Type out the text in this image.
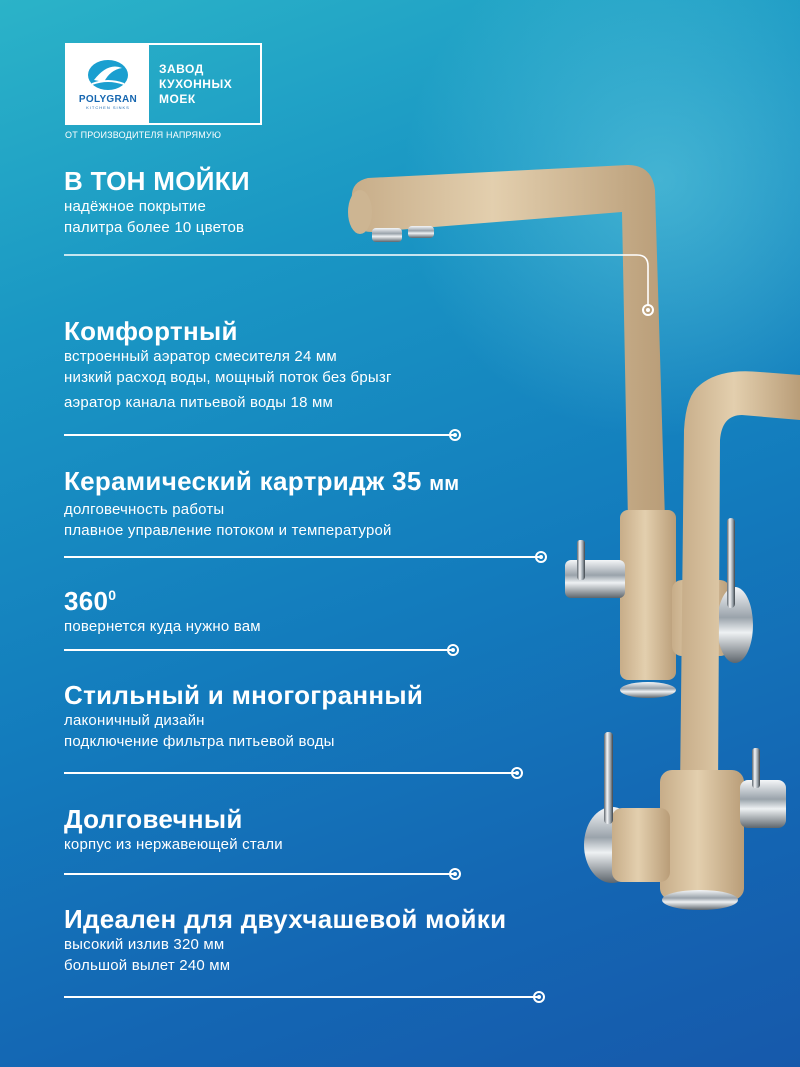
POLYGRAN
KITCHEN SINKS
ЗАВОД
КУХОННЫХ
МОЕК
ОТ ПРОИЗВОДИТЕЛЯ НАПРЯМУЮ
В ТОН МОЙКИ

надёжное покрытие

палитра более 10 цветов

Комфортный

встроенный аэратор смесителя 24 мм

низкий расход воды, мощный поток без брызг

аэратор канала питьевой воды 18 мм

Керамический картридж 35 мм

долговечность работы

плавное управление потоком и температурой

$360^0$

повернется куда нужно вам

Стильный и многогранный

лаконичный дизайн

подключение фильтра питьевой воды

Долговечный

корпус из нержавеющей стали

Идеален для двухчашевой мойки

высокий излив 320 мм

большой вылет 240 мм
